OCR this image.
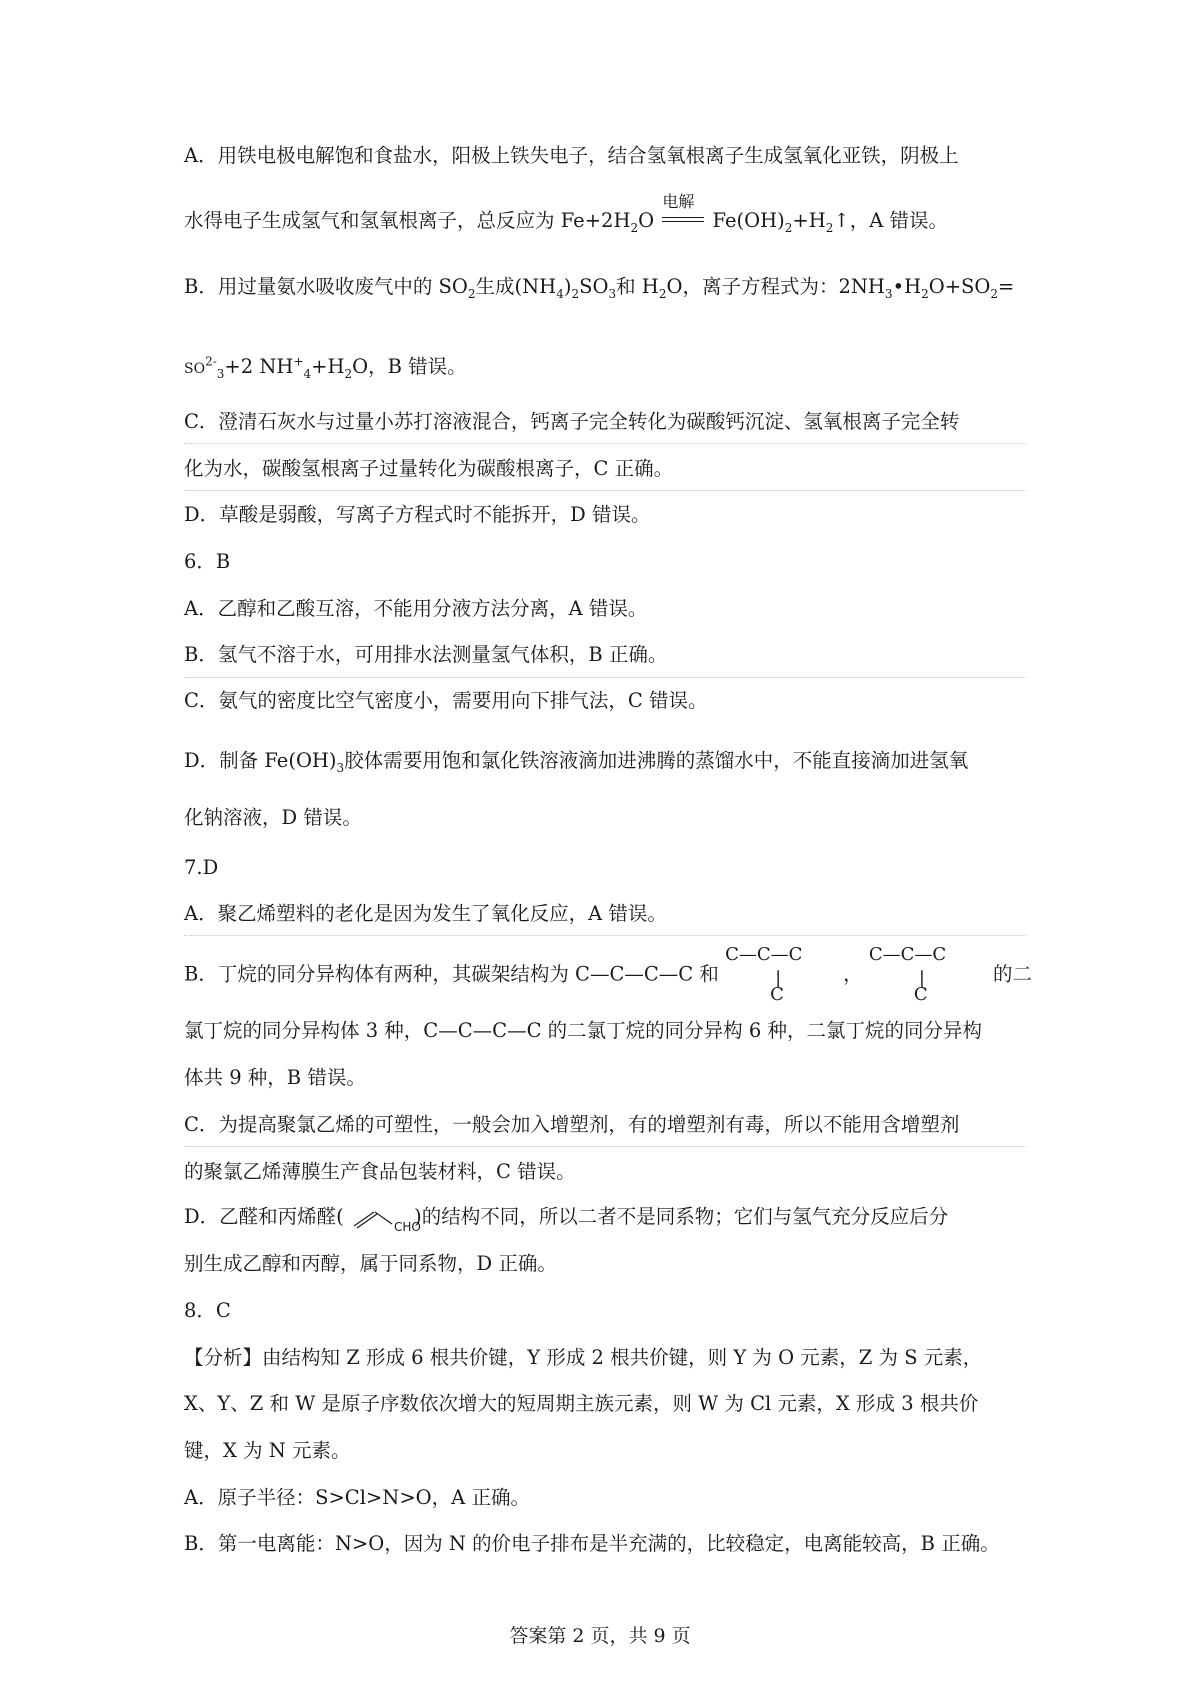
A．用铁电极电解饱和食盐水，阳极上铁失电子，结合氢氧根离子生成氢氧化亚铁，阴极上
水得电子生成氢气和氢氧根离子，总反应为 $Fe+2H_2O$
电解
$Fe(OH)_2+H_2↑$，A 错误。
B．用过量氨水吸收废气中的 $SO_2$生成$(NH_4)_2SO_3$和 $H_2O$，离子方程式为：$2NH_3•H_2O+SO_2=$
$SO^{2-}_3+2$ $NH^+_4+H_2O$，B 错误。
C．澄清石灰水与过量小苏打溶液混合，钙离子完全转化为碳酸钙沉淀、氢氧根离子完全转
化为水，碳酸氢根离子过量转化为碳酸根离子，C 正确。
D．草酸是弱酸，写离子方程式时不能拆开，D 错误。
6．B
A．乙醇和乙酸互溶，不能用分液方法分离，A 错误。
B．氢气不溶于水，可用排水法测量氢气体积，B 正确。
C．氨气的密度比空气密度小，需要用向下排气法，C 错误。
D．制备 $Fe(OH)_3$胶体需要用饱和氯化铁溶液滴加进沸腾的蒸馏水中，不能直接滴加进氢氧
化钠溶液，D 错误。
7.D
A．聚乙烯塑料的老化是因为发生了氧化反应，A 错误。
B．丁烷的同分异构体有两种，其碳架结构为 C—C—C—C 和
C—C—C
|
C
，
C—C—C
|
C
的二
氯丁烷的同分异构体 3 种，C—C—C—C 的二氯丁烷的同分异构 6 种，二氯丁烷的同分异构
体共 9 种，B 错误。
C．为提高聚氯乙烯的可塑性，一般会加入增塑剂，有的增塑剂有毒，所以不能用含增塑剂
的聚氯乙烯薄膜生产食品包装材料，C 错误。
D．乙醛和丙烯醛(	CHO
)的结构不同，所以二者不是同系物；它们与氢气充分反应后分
别生成乙醇和丙醇，属于同系物，D 正确。
8．C
【分析】由结构知 Z 形成 6 根共价键，Y 形成 2 根共价键，则 Y 为 O 元素，Z 为 S 元素，
X、Y、Z 和 W 是原子序数依次增大的短周期主族元素，则 W 为 Cl 元素，X 形成 3 根共价
键，X 为 N 元素。
A．原子半径：S>Cl>N>O，A 正确。
B．第一电离能：N>O，因为 N 的价电子排布是半充满的，比较稳定，电离能较高，B 正确。
答案第 2 页，共 9 页
